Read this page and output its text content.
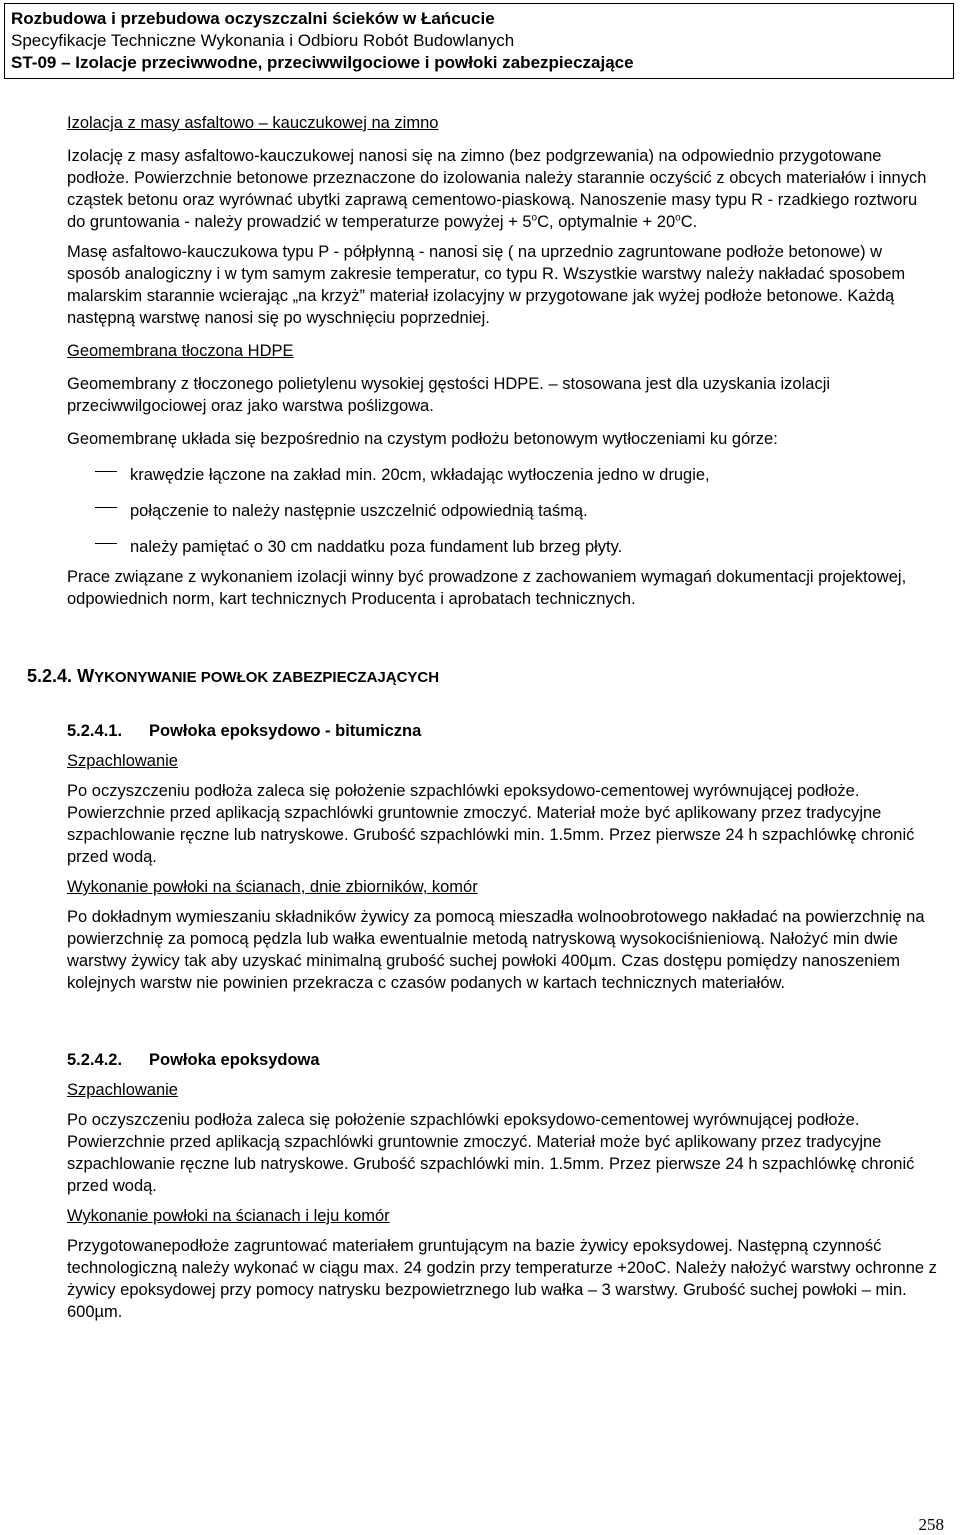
Rozbudowa i przebudowa oczyszczalni ścieków w Łańcucie
Specyfikacje Techniczne Wykonania i Odbioru Robót Budowlanych
ST-09 – Izolacje przeciwwodne, przeciwwilgociowe i powłoki zabezpieczające

Izolacja z masy asfaltowo – kauczukowej na zimno

Izolację z masy asfaltowo-kauczukowej nanosi się na zimno (bez podgrzewania) na odpowiednio przygotowane podłoże. Powierzchnie betonowe przeznaczone do izolowania należy starannie oczyścić z obcych materiałów i innych cząstek betonu oraz wyrównać ubytki zaprawą cementowo-piaskową. Nanoszenie masy typu R - rzadkiego roztworu do gruntowania - należy prowadzić w temperaturze powyżej + $5^oC$, optymalnie + $20^oC$.

Masę asfaltowo-kauczukowa typu P - półpłynną - nanosi się ( na uprzednio zagruntowane podłoże betonowe) w sposób analogiczny i w tym samym zakresie temperatur, co typu R. Wszystkie warstwy należy nakładać sposobem malarskim starannie wcierając „na krzyż” materiał izolacyjny w przygotowane jak wyżej podłoże betonowe. Każdą następną warstwę nanosi się po wyschnięciu poprzedniej.

Geomembrana tłoczona HDPE

Geomembrany z tłoczonego polietylenu wysokiej gęstości HDPE. – stosowana jest dla uzyskania izolacji przeciwwilgociowej oraz jako warstwa poślizgowa.

Geomembranę układa się bezpośrednio na czystym podłożu betonowym wytłoczeniami ku górze:

krawędzie łączone na zakład min. 20cm, wkładając wytłoczenia jedno w drugie,

połączenie to należy następnie uszczelnić odpowiednią taśmą.

należy pamiętać o 30 cm naddatku poza fundament lub brzeg płyty.

Prace związane z wykonaniem izolacji winny być prowadzone z zachowaniem wymagań dokumentacji projektowej, odpowiednich norm, kart technicznych Producenta i aprobatach technicznych.

5.2.4. WYKONYWANIE POWŁOK ZABEZPIECZAJĄCYCH
5.2.4.1. Powłoka epoksydowo - bitumiczna

Szpachlowanie

Po oczyszczeniu podłoża zaleca się położenie szpachlówki epoksydowo-cementowej wyrównującej podłoże. Powierzchnie przed aplikacją szpachlówki gruntownie zmoczyć. Materiał może być aplikowany przez tradycyjne szpachlowanie ręczne lub natryskowe. Grubość szpachlówki min. 1.5mm. Przez pierwsze 24 h szpachlówkę chronić przed wodą.

Wykonanie powłoki na ścianach, dnie zbiorników, komór

Po dokładnym wymieszaniu składników żywicy za pomocą mieszadła wolnoobrotowego nakładać na powierzchnię na powierzchnię za pomocą pędzla lub wałka ewentualnie metodą natryskową wysokociśnieniową. Nałożyć min dwie warstwy żywicy tak aby uzyskać minimalną grubość suchej powłoki 400µm. Czas dostępu pomiędzy nanoszeniem kolejnych warstw nie powinien przekracza c czasów podanych w kartach technicznych materiałów.

5.2.4.2. Powłoka epoksydowa

Szpachlowanie

Po oczyszczeniu podłoża zaleca się położenie szpachlówki epoksydowo-cementowej wyrównującej podłoże. Powierzchnie przed aplikacją szpachlówki gruntownie zmoczyć. Materiał może być aplikowany przez tradycyjne szpachlowanie ręczne lub natryskowe. Grubość szpachlówki min. 1.5mm. Przez pierwsze 24 h szpachlówkę chronić przed wodą.

Wykonanie powłoki na ścianach i leju komór

Przygotowanepodłoże zagruntować materiałem gruntującym na bazie żywicy epoksydowej. Następną czynność technologiczną należy wykonać w ciągu max. 24 godzin przy temperaturze +20oC. Należy nałożyć warstwy ochronne z żywicy epoksydowej przy pomocy natrysku bezpowietrznego lub wałka – 3 warstwy. Grubość suchej powłoki – min. 600µm.

258
